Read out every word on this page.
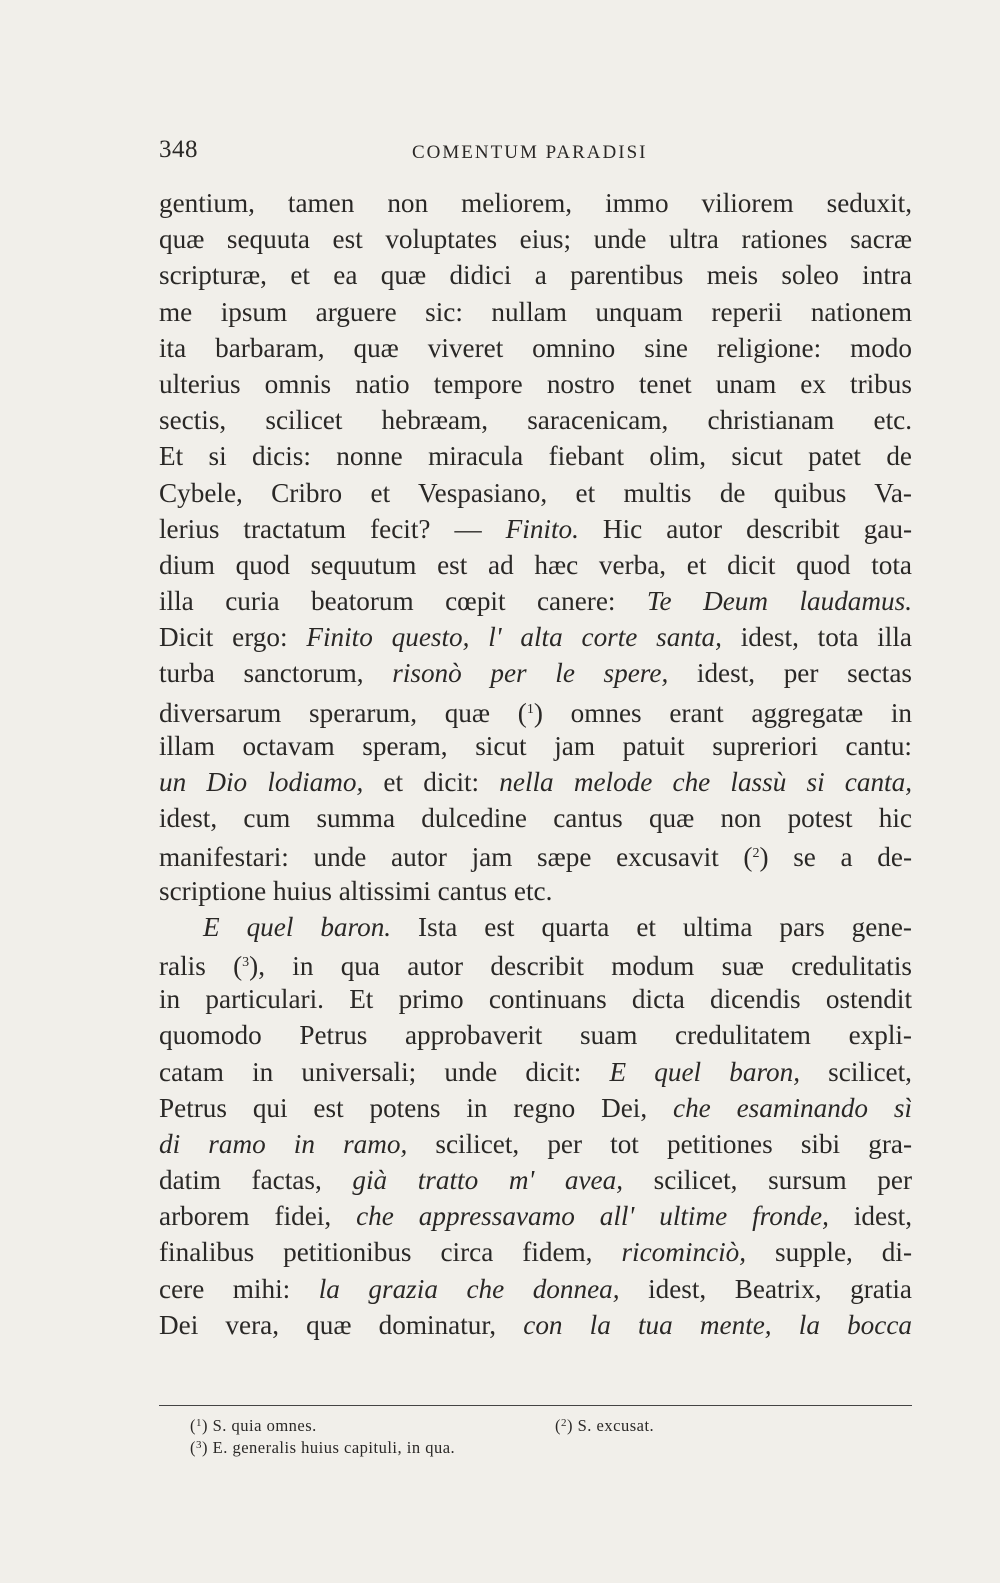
348	COMENTUM PARADISI
gentium, tamen non meliorem, immo viliorem seduxit,
quæ sequuta est voluptates eius; unde ultra rationes sacræ
scripturæ, et ea quæ didici a parentibus meis soleo intra
me ipsum arguere sic: nullam unquam reperii nationem
ita barbaram, quæ viveret omnino sine religione: modo
ulterius omnis natio tempore nostro tenet unam ex tribus
sectis, scilicet hebræam, saracenicam, christianam etc.
Et si dicis: nonne miracula fiebant olim, sicut patet de
Cybele, Cribro et Vespasiano, et multis de quibus Va-
lerius tractatum fecit? — Finito. Hic autor describit gau-
dium quod sequutum est ad hæc verba, et dicit quod tota
illa curia beatorum cœpit canere: Te Deum laudamus.
Dicit ergo: Finito questo, l' alta corte santa, idest, tota illa
turba sanctorum, risonò per le spere, idest, per sectas
diversarum sperarum, quæ ($^1$) omnes erant aggregatæ in
illam octavam speram, sicut jam patuit supreriori cantu:
un Dio lodiamo, et dicit: nella melode che lassù si canta,
idest, cum summa dulcedine cantus quæ non potest hic
manifestari: unde autor jam sæpe excusavit ($^2$) se a de-
scriptione huius altissimi cantus etc.
E quel baron. Ista est quarta et ultima pars gene-
ralis ($^3$), in qua autor describit modum suæ credulitatis
in particulari. Et primo continuans dicta dicendis ostendit
quomodo Petrus approbaverit suam credulitatem expli-
catam in universali; unde dicit: E quel baron, scilicet,
Petrus qui est potens in regno Dei, che esaminando sì
di ramo in ramo, scilicet, per tot petitiones sibi gra-
datim factas, già tratto m' avea, scilicet, sursum per
arborem fidei, che appressavamo all' ultime fronde, idest,
finalibus petitionibus circa fidem, ricominciò, supple, di-
cere mihi: la grazia che donnea, idest, Beatrix, gratia
Dei vera, quæ dominatur, con la tua mente, la bocca
($^1$) S. quia omnes.	($^2$) S. excusat.
($^3$) E. generalis huius capituli, in qua.
